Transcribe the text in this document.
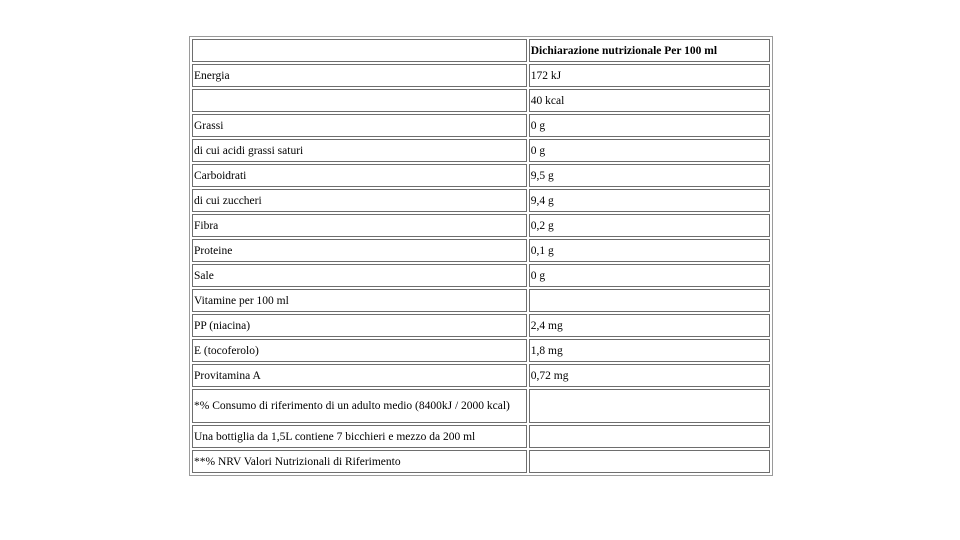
	Dichiarazione nutrizionale Per 100 ml
Energia	172 kJ
	40 kcal
Grassi	0 g
di cui acidi grassi saturi	0 g
Carboidrati	9,5 g
di cui zuccheri	9,4 g
Fibra	0,2 g
Proteine	0,1 g
Sale	0 g
Vitamine per 100 ml	
PP (niacina)	2,4 mg
E (tocoferolo)	1,8 mg
Provitamina A	0,72 mg
*% Consumo di riferimento di un adulto medio (8400kJ / 2000 kcal)	
Una bottiglia da 1,5L contiene 7 bicchieri e mezzo da 200 ml	
**% NRV Valori Nutrizionali di Riferimento	
